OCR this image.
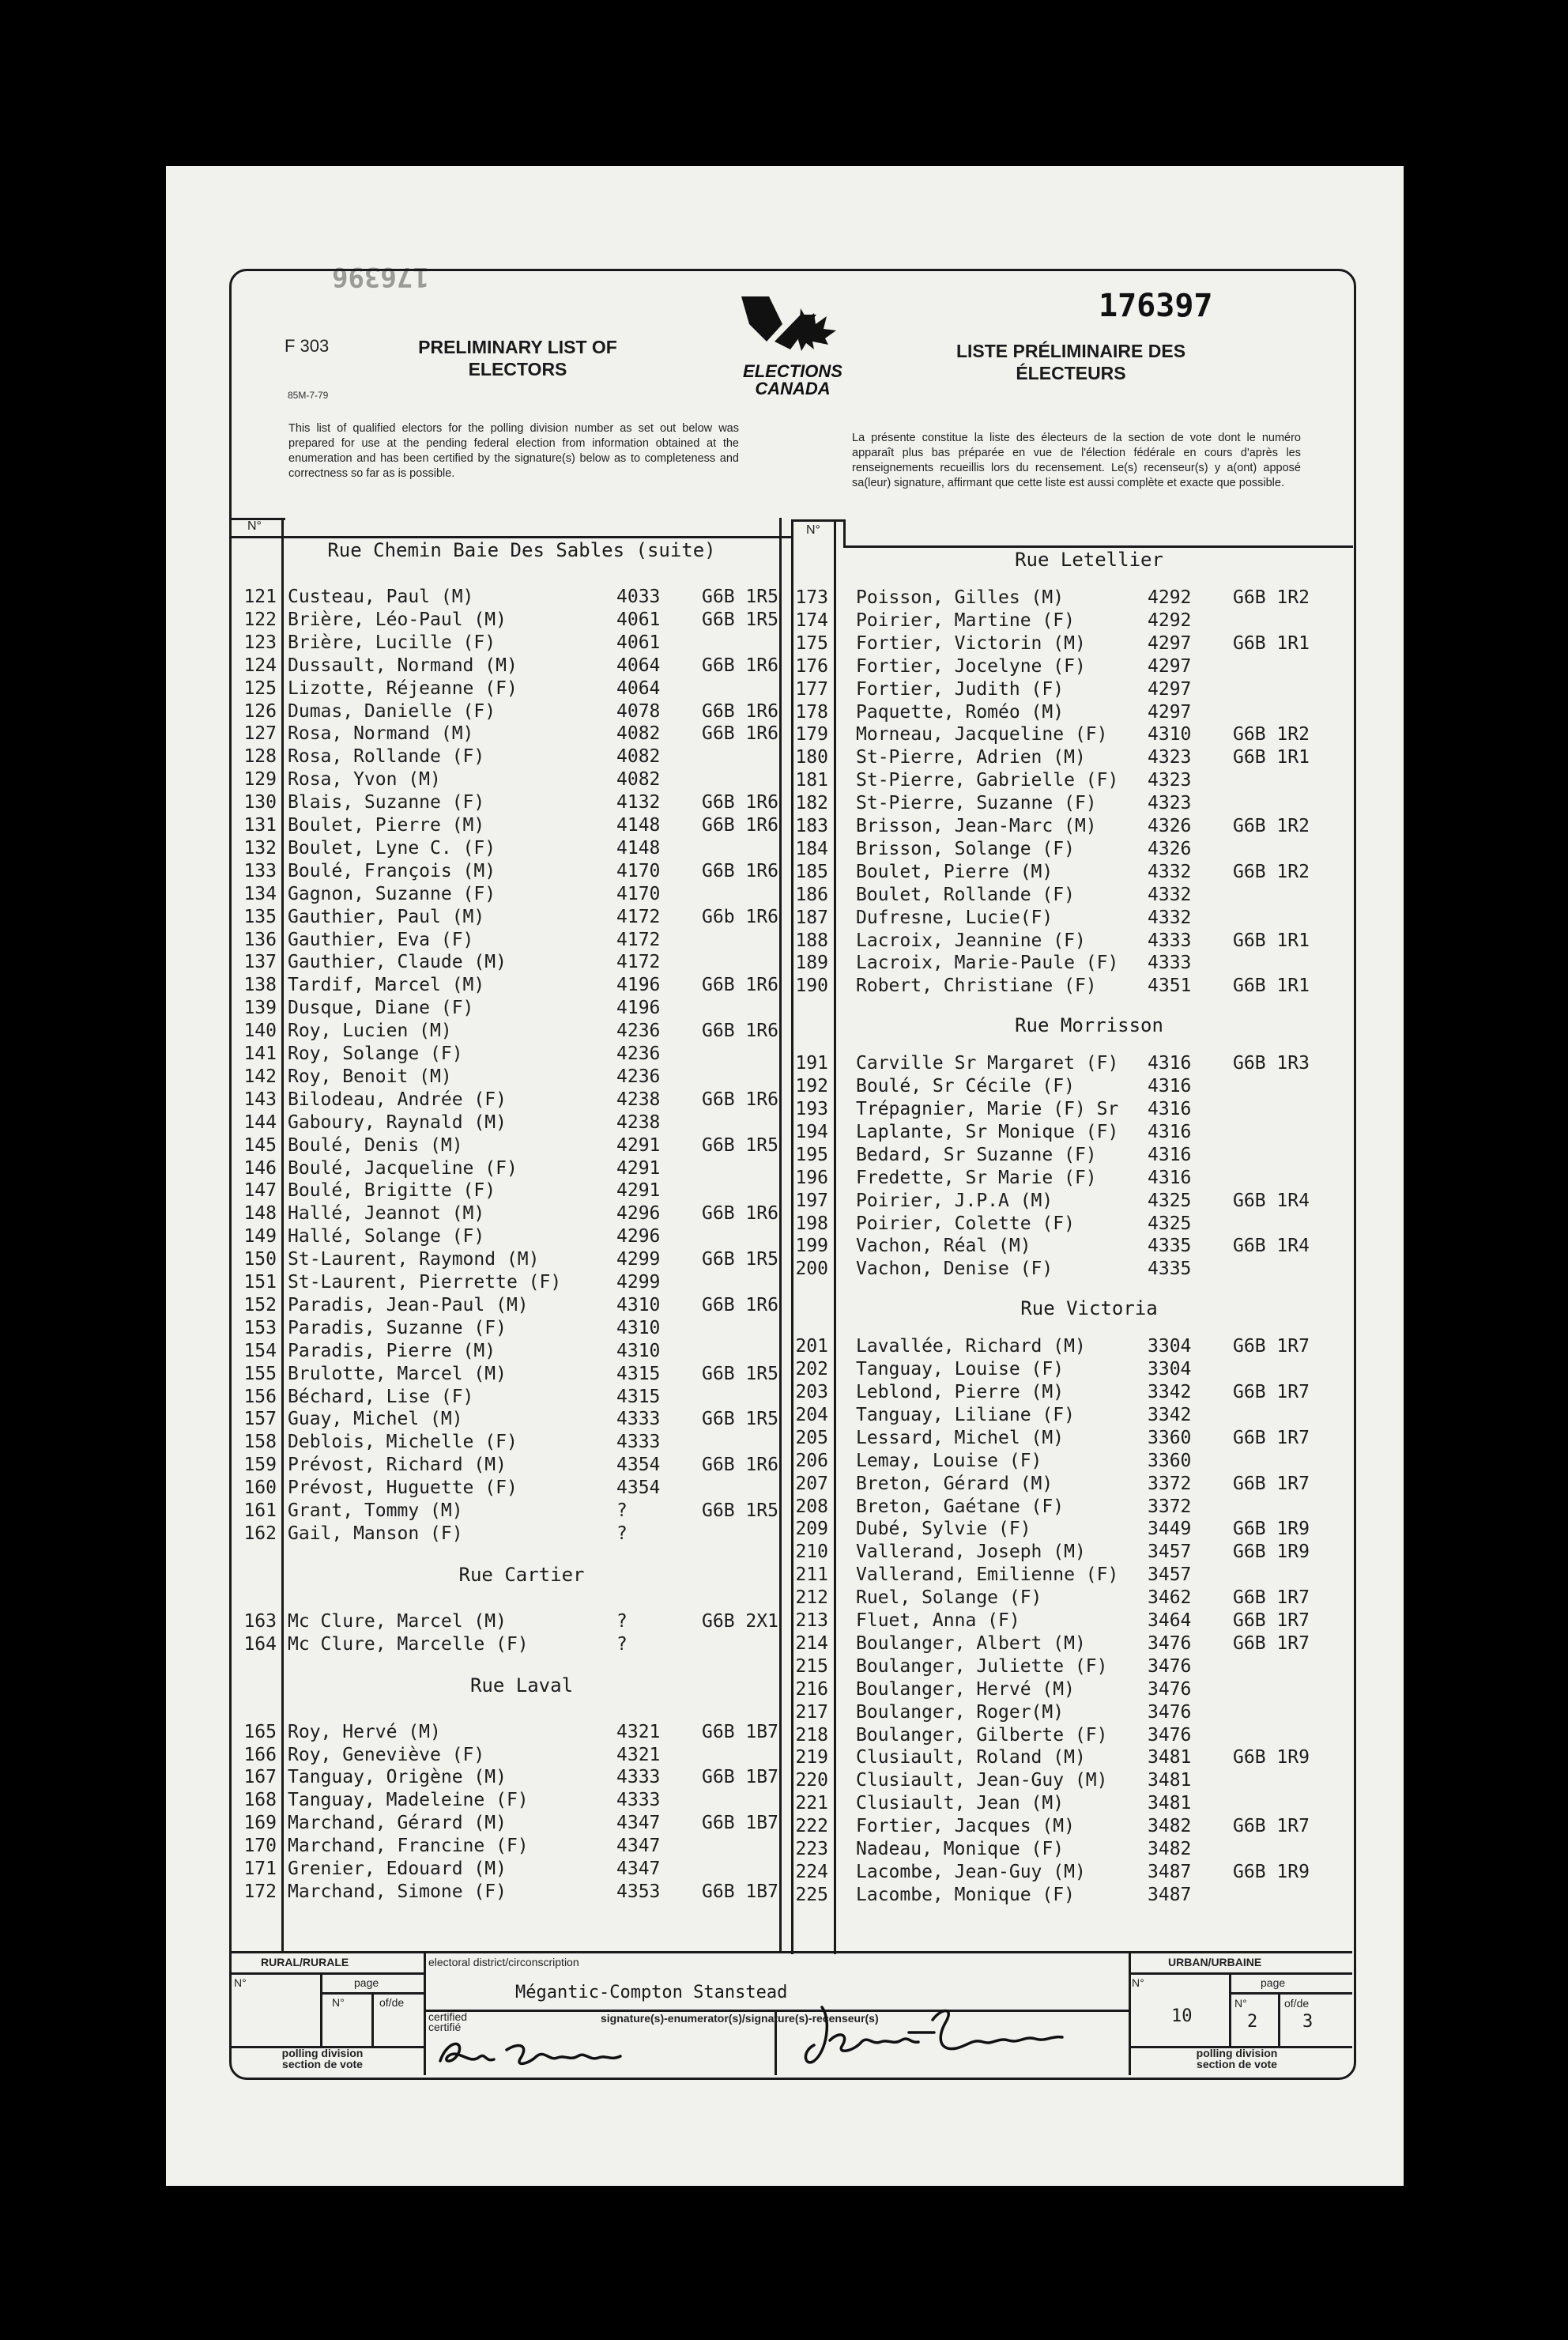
176396
F 303
85M-7-79
PRELIMINARY LIST OF ELECTORS
LISTE PRÉLIMINAIRE DES ÉLECTEURS
176397
ELECTIONS
CANADA
This list of qualified electors for the polling division number as set out below was prepared for use at the pending federal election from information obtained at the enumeration and has been certified by the signature(s) below as to completeness and correctness so far as is possible.
La présente constitue la liste des électeurs de la section de vote dont le numéro apparaît plus bas préparée en vue de l'élection fédérale en cours d'après les renseignements recueillis lors du recensement. Le(s) recenseur(s) y a(ont) apposé sa(leur) signature, affirmant que cette liste est aussi complète et exacte que possible.
N°	N°
Rue Chemin Baie Des Sables (suite)
121 Custeau, Paul (M)	4033 G6B 1R5
122 Brière, Léo-Paul (M)	4061 G6B 1R5
123 Brière, Lucille (F)	4061
124 Dussault, Normand (M)	4064 G6B 1R6
125 Lizotte, Réjeanne (F)	4064
126 Dumas, Danielle (F)	4078 G6B 1R6
127 Rosa, Normand (M)	4082 G6B 1R6
128 Rosa, Rollande (F)	4082
129 Rosa, Yvon (M)	4082
130 Blais, Suzanne (F)	4132 G6B 1R6
131 Boulet, Pierre (M)	4148 G6B 1R6
132 Boulet, Lyne C. (F)	4148
133 Boulé, François (M)	4170 G6B 1R6
134 Gagnon, Suzanne (F)	4170
135 Gauthier, Paul (M)	4172 G6b 1R6
136 Gauthier, Eva (F)	4172
137 Gauthier, Claude (M)	4172
138 Tardif, Marcel (M)	4196 G6B 1R6
139 Dusque, Diane (F)	4196
140 Roy, Lucien (M)	4236 G6B 1R6
141 Roy, Solange (F)	4236
142 Roy, Benoit (M)	4236
143 Bilodeau, Andrée (F)	4238 G6B 1R6
144 Gaboury, Raynald (M)	4238
145 Boulé, Denis (M)	4291 G6B 1R5
146 Boulé, Jacqueline (F)	4291
147 Boulé, Brigitte (F)	4291
148 Hallé, Jeannot (M)	4296 G6B 1R6
149 Hallé, Solange (F)	4296
150 St-Laurent, Raymond (M)	4299 G6B 1R5
151 St-Laurent, Pierrette (F)	4299
152 Paradis, Jean-Paul (M)	4310 G6B 1R6
153 Paradis, Suzanne (F)	4310
154 Paradis, Pierre (M)	4310
155 Brulotte, Marcel (M)	4315 G6B 1R5
156 Béchard, Lise (F)	4315
157 Guay, Michel (M)	4333 G6B 1R5
158 Deblois, Michelle (F)	4333
159 Prévost, Richard (M)	4354 G6B 1R6
160 Prévost, Huguette (F)	4354
161 Grant, Tommy (M)	?	G6B 1R5
162 Gail, Manson (F)	?
Rue Cartier
163 Mc Clure, Marcel (M)	?	G6B 2X1
164 Mc Clure, Marcelle (F)	?
Rue Laval
165 Roy, Hervé (M)	4321 G6B 1B7
166 Roy, Geneviève (F)	4321
167 Tanguay, Origène (M)	4333 G6B 1B7
168 Tanguay, Madeleine (F)	4333
169 Marchand, Gérard (M)	4347 G6B 1B7
170 Marchand, Francine (F)	4347
171 Grenier, Edouard (M)	4347
172 Marchand, Simone (F)	4353 G6B 1B7
Rue Letellier
173 Poisson, Gilles (M)	4292 G6B 1R2
174 Poirier, Martine (F)	4292
175 Fortier, Victorin (M)	4297 G6B 1R1
176 Fortier, Jocelyne (F)	4297
177 Fortier, Judith (F)	4297
178 Paquette, Roméo (M)	4297
179 Morneau, Jacqueline (F) 4310 G6B 1R2
180 St-Pierre, Adrien (M)	4323 G6B 1R1
181 St-Pierre, Gabrielle (F) 4323
182 St-Pierre, Suzanne (F)	4323
183 Brisson, Jean-Marc (M)	4326 G6B 1R2
184 Brisson, Solange (F)	4326
185 Boulet, Pierre (M)	4332 G6B 1R2
186 Boulet, Rollande (F)	4332
187 Dufresne, Lucie(F)	4332
188 Lacroix, Jeannine (F)	4333 G6B 1R1
189 Lacroix, Marie-Paule (F) 4333
190 Robert, Christiane (F)	4351 G6B 1R1
Rue Morrisson
191 Carville Sr Margaret (F) 4316 G6B 1R3
192 Boulé, Sr Cécile (F)	4316
193 Trépagnier, Marie (F) Sr 4316
194 Laplante, Sr Monique (F) 4316
195 Bedard, Sr Suzanne (F)	4316
196 Fredette, Sr Marie (F)	4316
197 Poirier, J.P.A (M)	4325 G6B 1R4
198 Poirier, Colette (F)	4325
199 Vachon, Réal (M)	4335 G6B 1R4
200 Vachon, Denise (F)	4335
Rue Victoria
201 Lavallée, Richard (M)	3304 G6B 1R7
202 Tanguay, Louise (F)	3304
203 Leblond, Pierre (M)	3342 G6B 1R7
204 Tanguay, Liliane (F)	3342
205 Lessard, Michel (M)	3360 G6B 1R7
206 Lemay, Louise (F)	3360
207 Breton, Gérard (M)	3372 G6B 1R7
208 Breton, Gaétane (F)	3372
209 Dubé, Sylvie (F)	3449 G6B 1R9
210 Vallerand, Joseph (M)	3457 G6B 1R9
211 Vallerand, Emilienne (F) 3457
212 Ruel, Solange (F)	3462 G6B 1R7
213 Fluet, Anna (F)	3464 G6B 1R7
214 Boulanger, Albert (M)	3476 G6B 1R7
215 Boulanger, Juliette (F) 3476
216 Boulanger, Hervé (M)	3476
217 Boulanger, Roger(M)	3476
218 Boulanger, Gilberte (F) 3476
219 Clusiault, Roland (M)	3481 G6B 1R9
220 Clusiault, Jean-Guy (M) 3481
221 Clusiault, Jean (M)	3481
222 Fortier, Jacques (M)	3482 G6B 1R7
223 Nadeau, Monique (F)	3482
224 Lacombe, Jean-Guy (M)	3487 G6B 1R9
225 Lacombe, Monique (F)	3487
RURAL/RURALE
N°	page
N°	of/de
polling division section de vote
electoral district/circonscription
Mégantic-Compton Stanstead
certified certifié
signature(s)-enumerator(s)/signature(s)-recenseur(s)
URBAN/URBAINE
N°
10
page
N°
2
of/de
3
polling division section de vote
